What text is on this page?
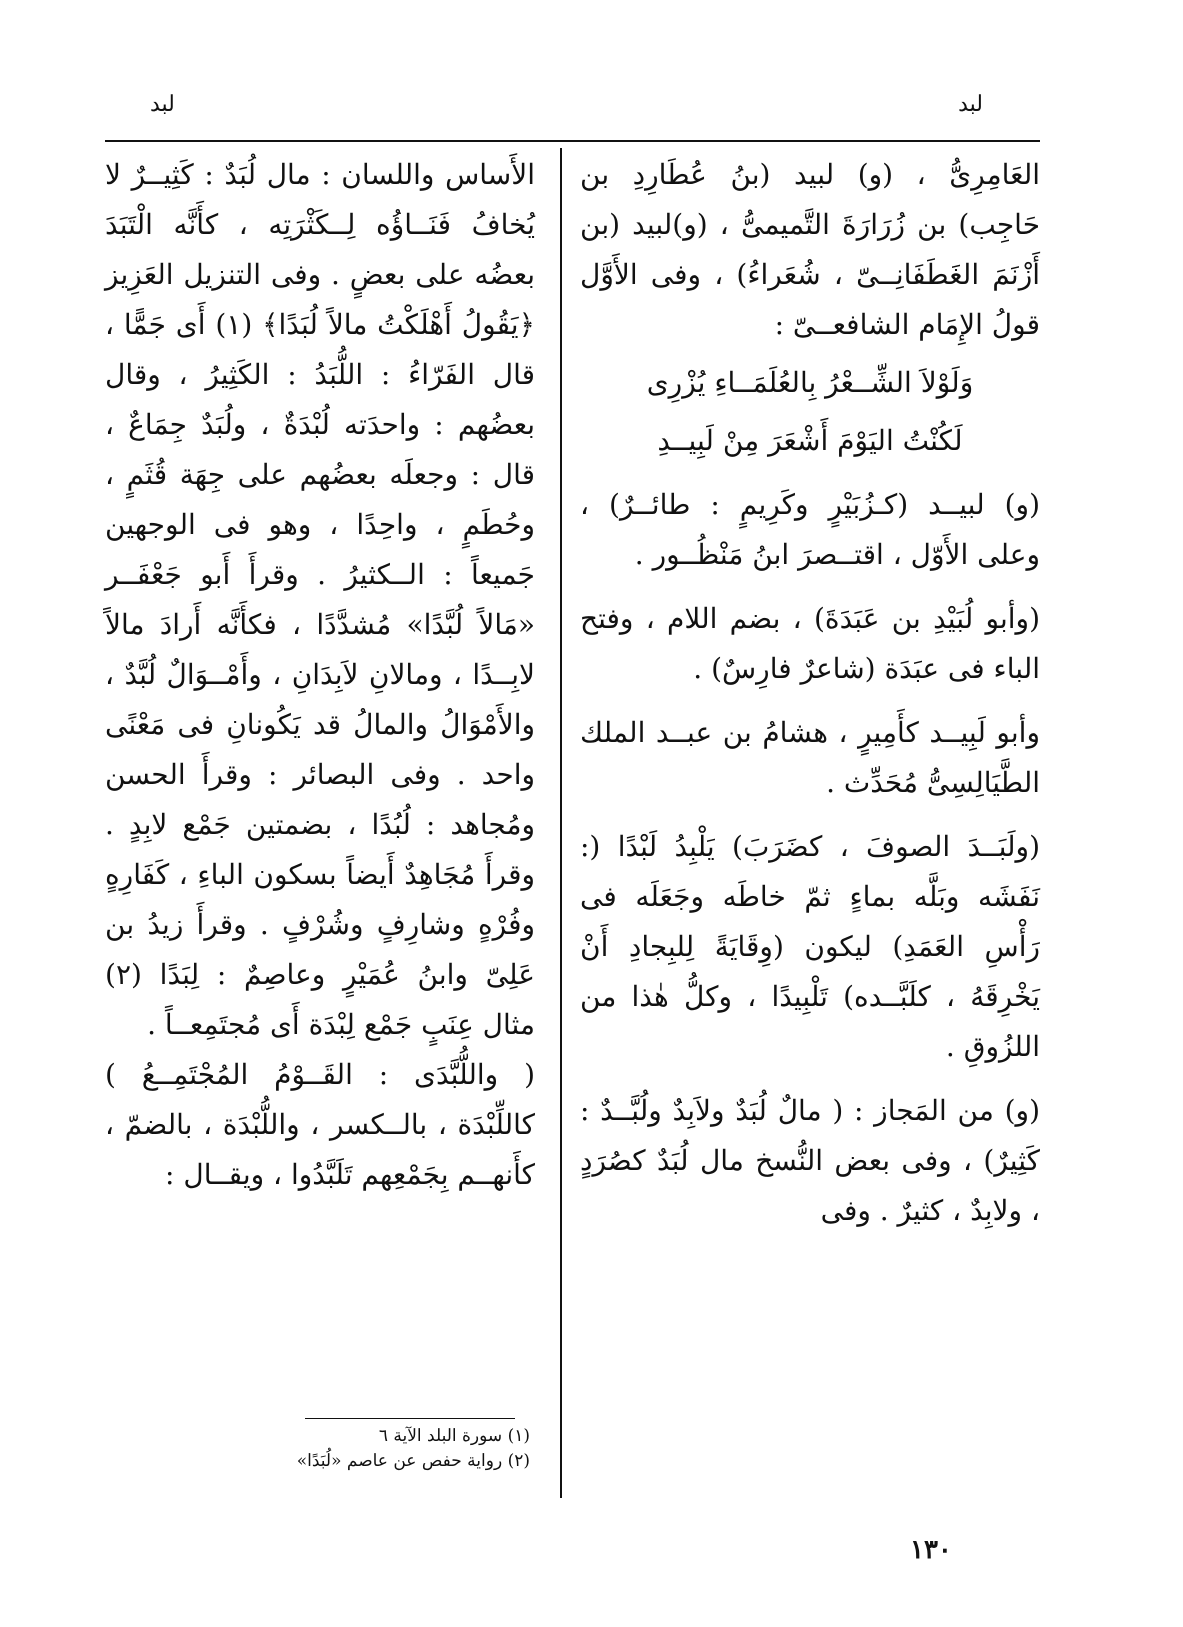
لبد
لبد

العَامِرِىُّ ، (و) لبيد (بنُ عُطَارِدِ بن حَاجِب) بن زُرَارَةَ التَّميمىُّ ، (و)لبيد (بن أَزْنَمَ الغَطَفَانِــىّ ، شُعَراءُ) ، وفى الأَوَّل قولُ الإِمَام الشافعــىّ :

وَلَوْلاَ الشِّــعْرُ بِالعُلَمَــاءِ يُزْرِى

لَكُنْتُ اليَوْمَ أَشْعَرَ مِنْ لَبِيــدِ

(و) لبيــد (كـزُبَيْرٍ وكَرِيمٍ : طائــرٌ) ، وعلى الأَوّل ، اقتــصرَ ابنُ مَنْظُــور .

(وأبو لُبَيْدِ بن عَبَدَةَ) ، بضم اللام ، وفتح الباء فى عبَدَة (شاعرٌ فارِسٌ) .

وأبو لَبِيــد كأَمِيرٍ ، هشامُ بن عبــد الملك الطَّيَالِسِىُّ مُحَدِّث .

(ولَبَــدَ الصوفَ ، كضَرَبَ) يَلْبِدُ لَبْدًا (: نَفَشَه وبَلَّه بماءٍ ثمّ خاطَه وجَعَلَه فى رَأْسِ العَمَدِ) ليكون (وِقَايَةً لِلبِجادِ أَنْ يَخْرِقَهُ ، كلَبَّــده) تَلْبِيدًا ، وكلُّ هٰذا من اللزُوقِ .

(و) من المَجاز : ( مالٌ لُبَدٌ ولاَبِدٌ ولُبَّــدٌ : كَثِيرٌ) ، وفى بعض النُّسخ مال لُبَدٌ كصُرَدٍ ، ولابِدٌ ، كثيرٌ . وفى

الأَساس واللسان : مال لُبَدٌ : كَثِيــرٌ لا يُخافُ فَنَــاؤُه لِــكَثْرَتِه ، كأَنَّه الْتَبَدَ بعضُه على بعضٍ . وفى التنزيل العَزِيز ﴿يَقُولُ أَهْلَكْتُ مالاً لُبَدًا﴾ (١) أَى جَمًّا ، قال الفَرّاءُ : اللُّبَدُ : الكَثِيرُ ، وقال بعضُهم : واحدَته لُبْدَةٌ ، ولُبَدٌ جِمَاعٌ ، قال : وجعلَه بعضُهم على جِهَة قُثَمٍ ، وحُطَمٍ ، واحِدًا ، وهو فى الوجهين جَميعاً : الــكثيرُ . وقرأَ أَبو جَعْفَــر «مَالاً لُبَّدًا» مُشدَّدًا ، فكأَنَّه أَرادَ مالاً لابِــدًا ، ومالانِ لاَبِدَانِ ، وأَمْــوَالٌ لُبَّدٌ ، والأَمْوَالُ والمالُ قد يَكُونانِ فى مَعْنًى واحد . وفى البصائر : وقرأَ الحسن ومُجاهد : لُبُدًا ، بضمتين جَمْع لابِدٍ . وقرأَ مُجَاهِدٌ أَيضاً بسكون الباءِ ، كَفَارِهٍ وفُرْهٍ وشارِفٍ وشُرْفٍ . وقرأَ زيدُ بن عَلِىّ وابنُ عُمَيْرٍ وعاصِمٌ : لِبَدًا (٢) مثال عِنَبٍ جَمْع لِبْدَة أَى مُجتَمِعــاً .

( واللُّبَّدَى : القَــوْمُ المُجْتَمِــعُ ) كاللِّبْدَة ، بالــكسر ، واللُّبْدَة ، بالضمّ ، كأَنهــم بِجَمْعِهم تَلَبَّدُوا ، ويقــال :

(١) سورة البلد الآية ٦

(٢) رواية حفص عن عاصم «لُبَدًا»

١٣٠
